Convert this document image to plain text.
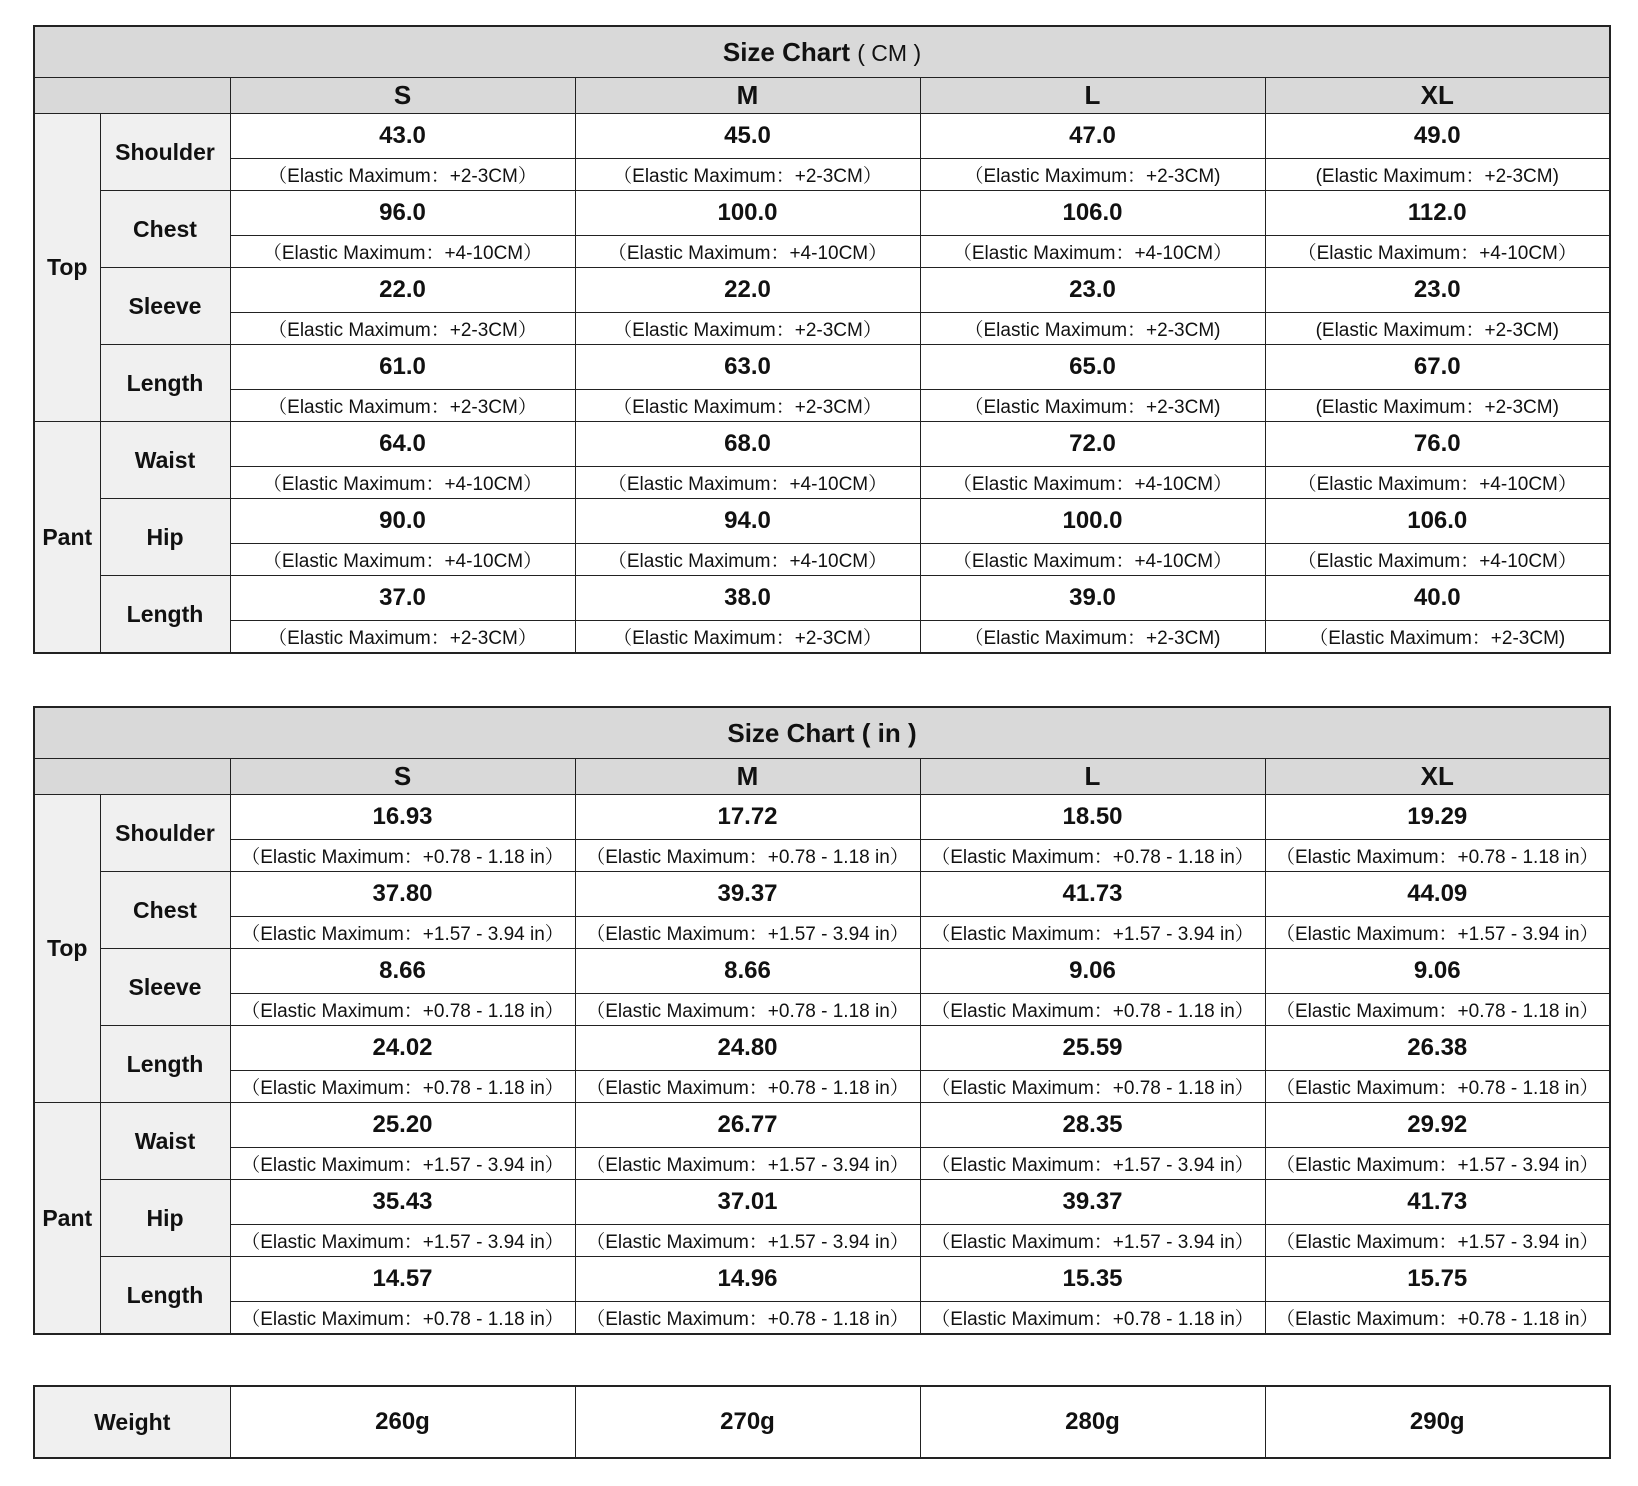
Size Chart ( CM )					
		S	M	L	XL
Top	Shoulder	43.0	45.0	47.0	49.0
		（Elastic Maximum：+2-3CM）	（Elastic Maximum：+2-3CM）	（Elastic Maximum：+2-3CM)	(Elastic Maximum：+2-3CM)
	Chest	96.0	100.0	106.0	112.0
		（Elastic Maximum：+4-10CM）	（Elastic Maximum：+4-10CM）	（Elastic Maximum：+4-10CM）	（Elastic Maximum：+4-10CM）
	Sleeve	22.0	22.0	23.0	23.0
		（Elastic Maximum：+2-3CM）	（Elastic Maximum：+2-3CM）	（Elastic Maximum：+2-3CM)	(Elastic Maximum：+2-3CM)
	Length	61.0	63.0	65.0	67.0
		（Elastic Maximum：+2-3CM）	（Elastic Maximum：+2-3CM）	（Elastic Maximum：+2-3CM)	(Elastic Maximum：+2-3CM)
Pant	Waist	64.0	68.0	72.0	76.0
		（Elastic Maximum：+4-10CM）	（Elastic Maximum：+4-10CM）	（Elastic Maximum：+4-10CM）	（Elastic Maximum：+4-10CM）
	Hip	90.0	94.0	100.0	106.0
		（Elastic Maximum：+4-10CM）	（Elastic Maximum：+4-10CM）	（Elastic Maximum：+4-10CM）	（Elastic Maximum：+4-10CM）
	Length	37.0	38.0	39.0	40.0
		（Elastic Maximum：+2-3CM）	（Elastic Maximum：+2-3CM）	（Elastic Maximum：+2-3CM)	（Elastic Maximum：+2-3CM)
Size Chart ( in )					
		S	M	L	XL
Top	Shoulder	16.93	17.72	18.50	19.29
		（Elastic Maximum：+0.78 - 1.18 in）	（Elastic Maximum：+0.78 - 1.18 in）	（Elastic Maximum：+0.78 - 1.18 in）	（Elastic Maximum：+0.78 - 1.18 in）
	Chest	37.80	39.37	41.73	44.09
		（Elastic Maximum：+1.57 - 3.94 in）	（Elastic Maximum：+1.57 - 3.94 in）	（Elastic Maximum：+1.57 - 3.94 in）	（Elastic Maximum：+1.57 - 3.94 in）
	Sleeve	8.66	8.66	9.06	9.06
		（Elastic Maximum：+0.78 - 1.18 in）	（Elastic Maximum：+0.78 - 1.18 in）	（Elastic Maximum：+0.78 - 1.18 in）	（Elastic Maximum：+0.78 - 1.18 in）
	Length	24.02	24.80	25.59	26.38
		（Elastic Maximum：+0.78 - 1.18 in）	（Elastic Maximum：+0.78 - 1.18 in）	（Elastic Maximum：+0.78 - 1.18 in）	（Elastic Maximum：+0.78 - 1.18 in）
Pant	Waist	25.20	26.77	28.35	29.92
		（Elastic Maximum：+1.57 - 3.94 in）	（Elastic Maximum：+1.57 - 3.94 in）	（Elastic Maximum：+1.57 - 3.94 in）	（Elastic Maximum：+1.57 - 3.94 in）
	Hip	35.43	37.01	39.37	41.73
		（Elastic Maximum：+1.57 - 3.94 in）	（Elastic Maximum：+1.57 - 3.94 in）	（Elastic Maximum：+1.57 - 3.94 in）	（Elastic Maximum：+1.57 - 3.94 in）
	Length	14.57	14.96	15.35	15.75
		（Elastic Maximum：+0.78 - 1.18 in）	（Elastic Maximum：+0.78 - 1.18 in）	（Elastic Maximum：+0.78 - 1.18 in）	（Elastic Maximum：+0.78 - 1.18 in）
Weight	260g	270g	280g	290g
